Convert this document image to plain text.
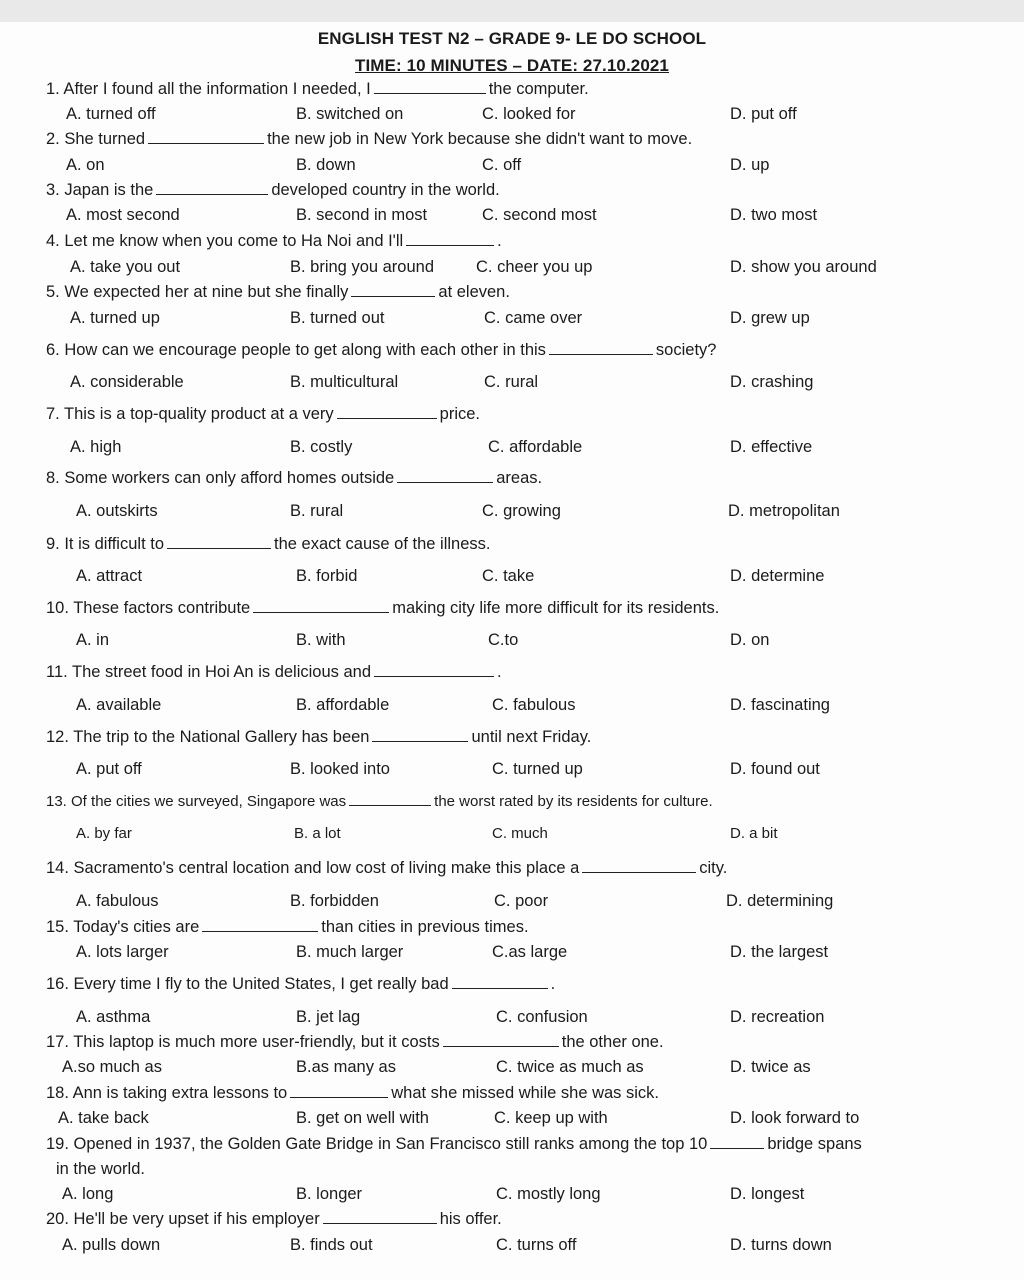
ENGLISH TEST N2 – GRADE 9- LE DO SCHOOL
TIME: 10 MINUTES – DATE: 27.10.2021
1. After I found all the information I needed, I	the computer.
A. turned off	B. switched on	C. looked for	D. put off
2. She turned	the new job in New York because she didn't want to move.
A. on	B. down	C. off	D. up
3. Japan is the	developed country in the world.
A. most second	B. second in most	C. second most	D. two most
4. Let me know when you come to Ha Noi and I'll	.
A. take you out	B. bring you around	C. cheer you up	D. show you around
5. We expected her at nine but she finally	at eleven.
A. turned up	B. turned out	C. came over	D. grew up
6. How can we encourage people to get along with each other in this	society?
A. considerable	B. multicultural	C. rural	D. crashing
7. This is a top-quality product at a very	price.
A. high	B. costly	C. affordable	D. effective
8. Some workers can only afford homes outside	areas.
A. outskirts	B. rural	C. growing	D. metropolitan
9. It is difficult to	the exact cause of the illness.
A. attract	B. forbid	C. take	D. determine
10. These factors contribute	making city life more difficult for its residents.
A. in	B. with	C.to	D. on
11. The street food in Hoi An is delicious and	.
A. available	B. affordable	C. fabulous	D. fascinating
12. The trip to the National Gallery has been	until next Friday.
A. put off	B. looked into	C. turned up	D. found out
13. Of the cities we surveyed, Singapore was	the worst rated by its residents for culture.
A. by far	B. a lot	C. much	D. a bit
14. Sacramento's central location and low cost of living make this place a	city.
A. fabulous	B. forbidden	C. poor	D. determining
15. Today's cities are	than cities in previous times.
A. lots larger	B. much larger	C.as large	D. the largest
16. Every time I fly to the United States, I get really bad	.
A. asthma	B. jet lag	C. confusion	D. recreation
17. This laptop is much more user-friendly, but it costs	the other one.
A.so much as	B.as many as	C. twice as much as	D. twice as
18. Ann is taking extra lessons to	what she missed while she was sick.
A. take back	B. get on well with	C. keep up with	D. look forward to
19. Opened in 1937, the Golden Gate Bridge in San Francisco still ranks among the top 10	bridge spans
in the world.
A. long	B. longer	C. mostly long	D. longest
20. He'll be very upset if his employer	his offer.
A. pulls down	B. finds out	C. turns off	D. turns down
